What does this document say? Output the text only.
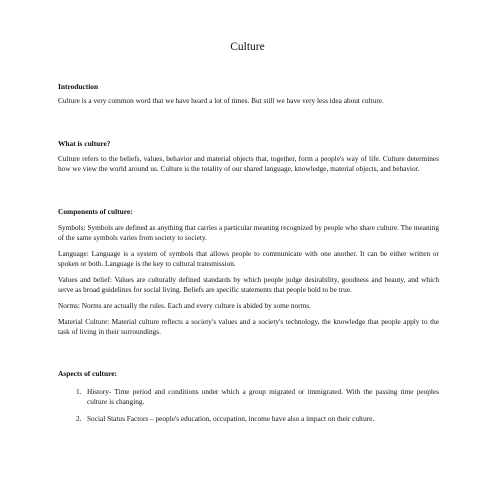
Culture

Introduction

Culture is a very common word that we have heard a lot of times. But still we have very less idea about culture.

What is culture?

Culture refers to the beliefs, values, behavior and material objects that, together, form a people's way of life. Culture determines how we view the world around us. Culture is the totality of our shared language, knowledge, material objects, and behavior.

Components of culture:

Symbols: Symbols are defined as anything that carries a particular meaning recognized by people who share culture. The meaning of the same symbols varies from society to society.

Language: Language is a system of symbols that allows people to communicate with one another. It can be either written or spoken or both. Language is the key to cultural transmission.

Values and belief: Values are culturally defined standards by which people judge desirability, goodness and beauty, and which serve as broad guidelines for social living. Beliefs are specific statements that people hold to be true.

Norms: Norms are actually the rules. Each and every culture is abided by some norms.

Material Culture: Material culture reflects a society's values and a society's technology, the knowledge that people apply to the task of living in their surroundings.

Aspects of culture:

1. History- Time period and conditions under which a group migrated or immigrated. With the passing time peoples culture is changing.
2. Social Status Factors – people's education, occupation, income have also a impact on their culture.
